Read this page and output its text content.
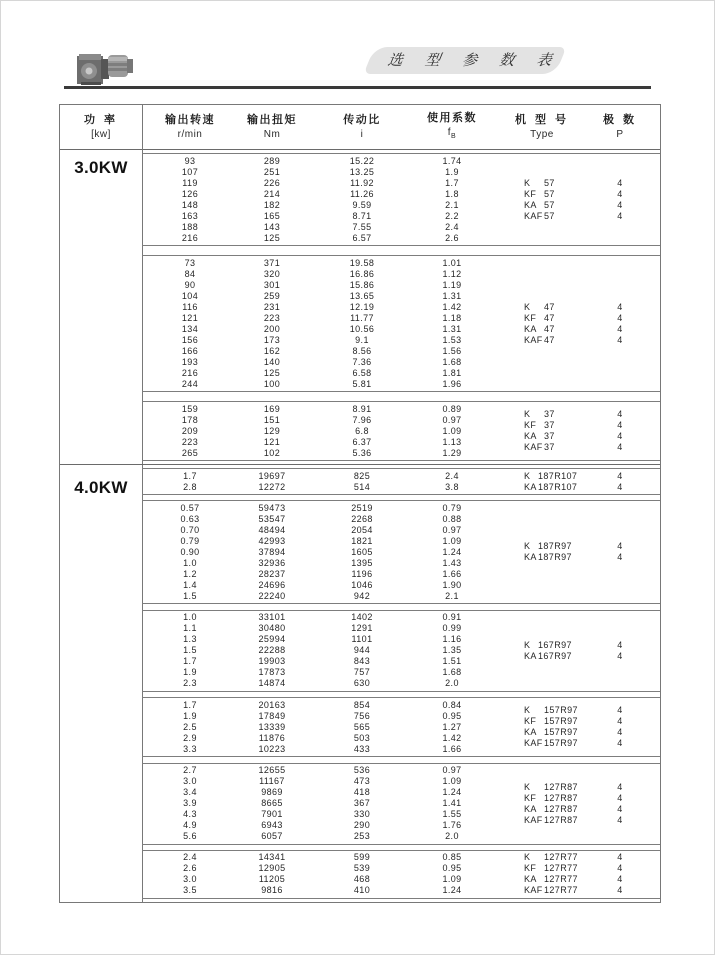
选 型 参 数 表
功 率
[kw]
输出转速
r/min
输出扭矩
Nm
传动比
i
使用系数
$f_B$
机 型 号
Type
极 数
P
3.0KW	93	289	15.22	1.74
107	251	13.25	1.9
119	226	11.92	1.7
126	214	11.26	1.8
148	182	9.59	2.1
163	165	8.71	2.2
188	143	7.55	2.4
216	125	6.57	2.6
K 57	4
KF 57	4
KA 57	4
KAF57	4
73	371	19.58	1.01
84	320	16.86	1.12
90	301	15.86	1.19
104	259	13.65	1.31
116	231	12.19	1.42
121	223	11.77	1.18
134	200	10.56	1.31
156	173	9.1	1.53
166	162	8.56	1.56
193	140	7.36	1.68
216	125	6.58	1.81
244	100	5.81	1.96
K 47	4
KF 47	4
KA 47	4
KAF47	4
159	169	8.91	0.89
178	151	7.96	0.97
209	129	6.8	1.09
223	121	6.37	1.13
265	102	5.36	1.29
K 37	4
KF 37	4
KA 37	4
KAF37	4
4.0KW
1.7	19697	825	2.4
2.8	12272	514	3.8
K 187R107	4
KA187R107	4
0.57	59473	2519	0.79
0.63	53547	2268	0.88
0.70	48494	2054	0.97
0.79	42993	1821	1.09
0.90	37894	1605	1.24
1.0	32936	1395	1.43
1.2	28237	1196	1.66
1.4	24696	1046	1.90
1.5	22240	942	2.1
K 187R97	4
KA187R97	4
1.0	33101	1402	0.91
1.1	30480	1291	0.99
1.3	25994	1101	1.16
1.5	22288	944	1.35
1.7	19903	843	1.51
1.9	17873	757	1.68
2.3	14874	630	2.0
K 167R97	4
KA167R97	4
1.7	20163	854	0.84
1.9	17849	756	0.95
2.5	13339	565	1.27
2.9	11876	503	1.42
3.3	10223	433	1.66
K 157R97	4
KF 157R97	4
KA 157R97	4
KAF157R97	4
2.7	12655	536	0.97
3.0	11167	473	1.09
3.4	9869	418	1.24
3.9	8665	367	1.41
4.3	7901	330	1.55
4.9	6943	290	1.76
5.6	6057	253	2.0
K 127R87	4
KF 127R87	4
KA 127R87	4
KAF127R87	4
2.4	14341	599	0.85
2.6	12905	539	0.95
3.0	11205	468	1.09
3.5	9816	410	1.24
K 127R77	4
KF 127R77	4
KA 127R77	4
KAF127R77	4
